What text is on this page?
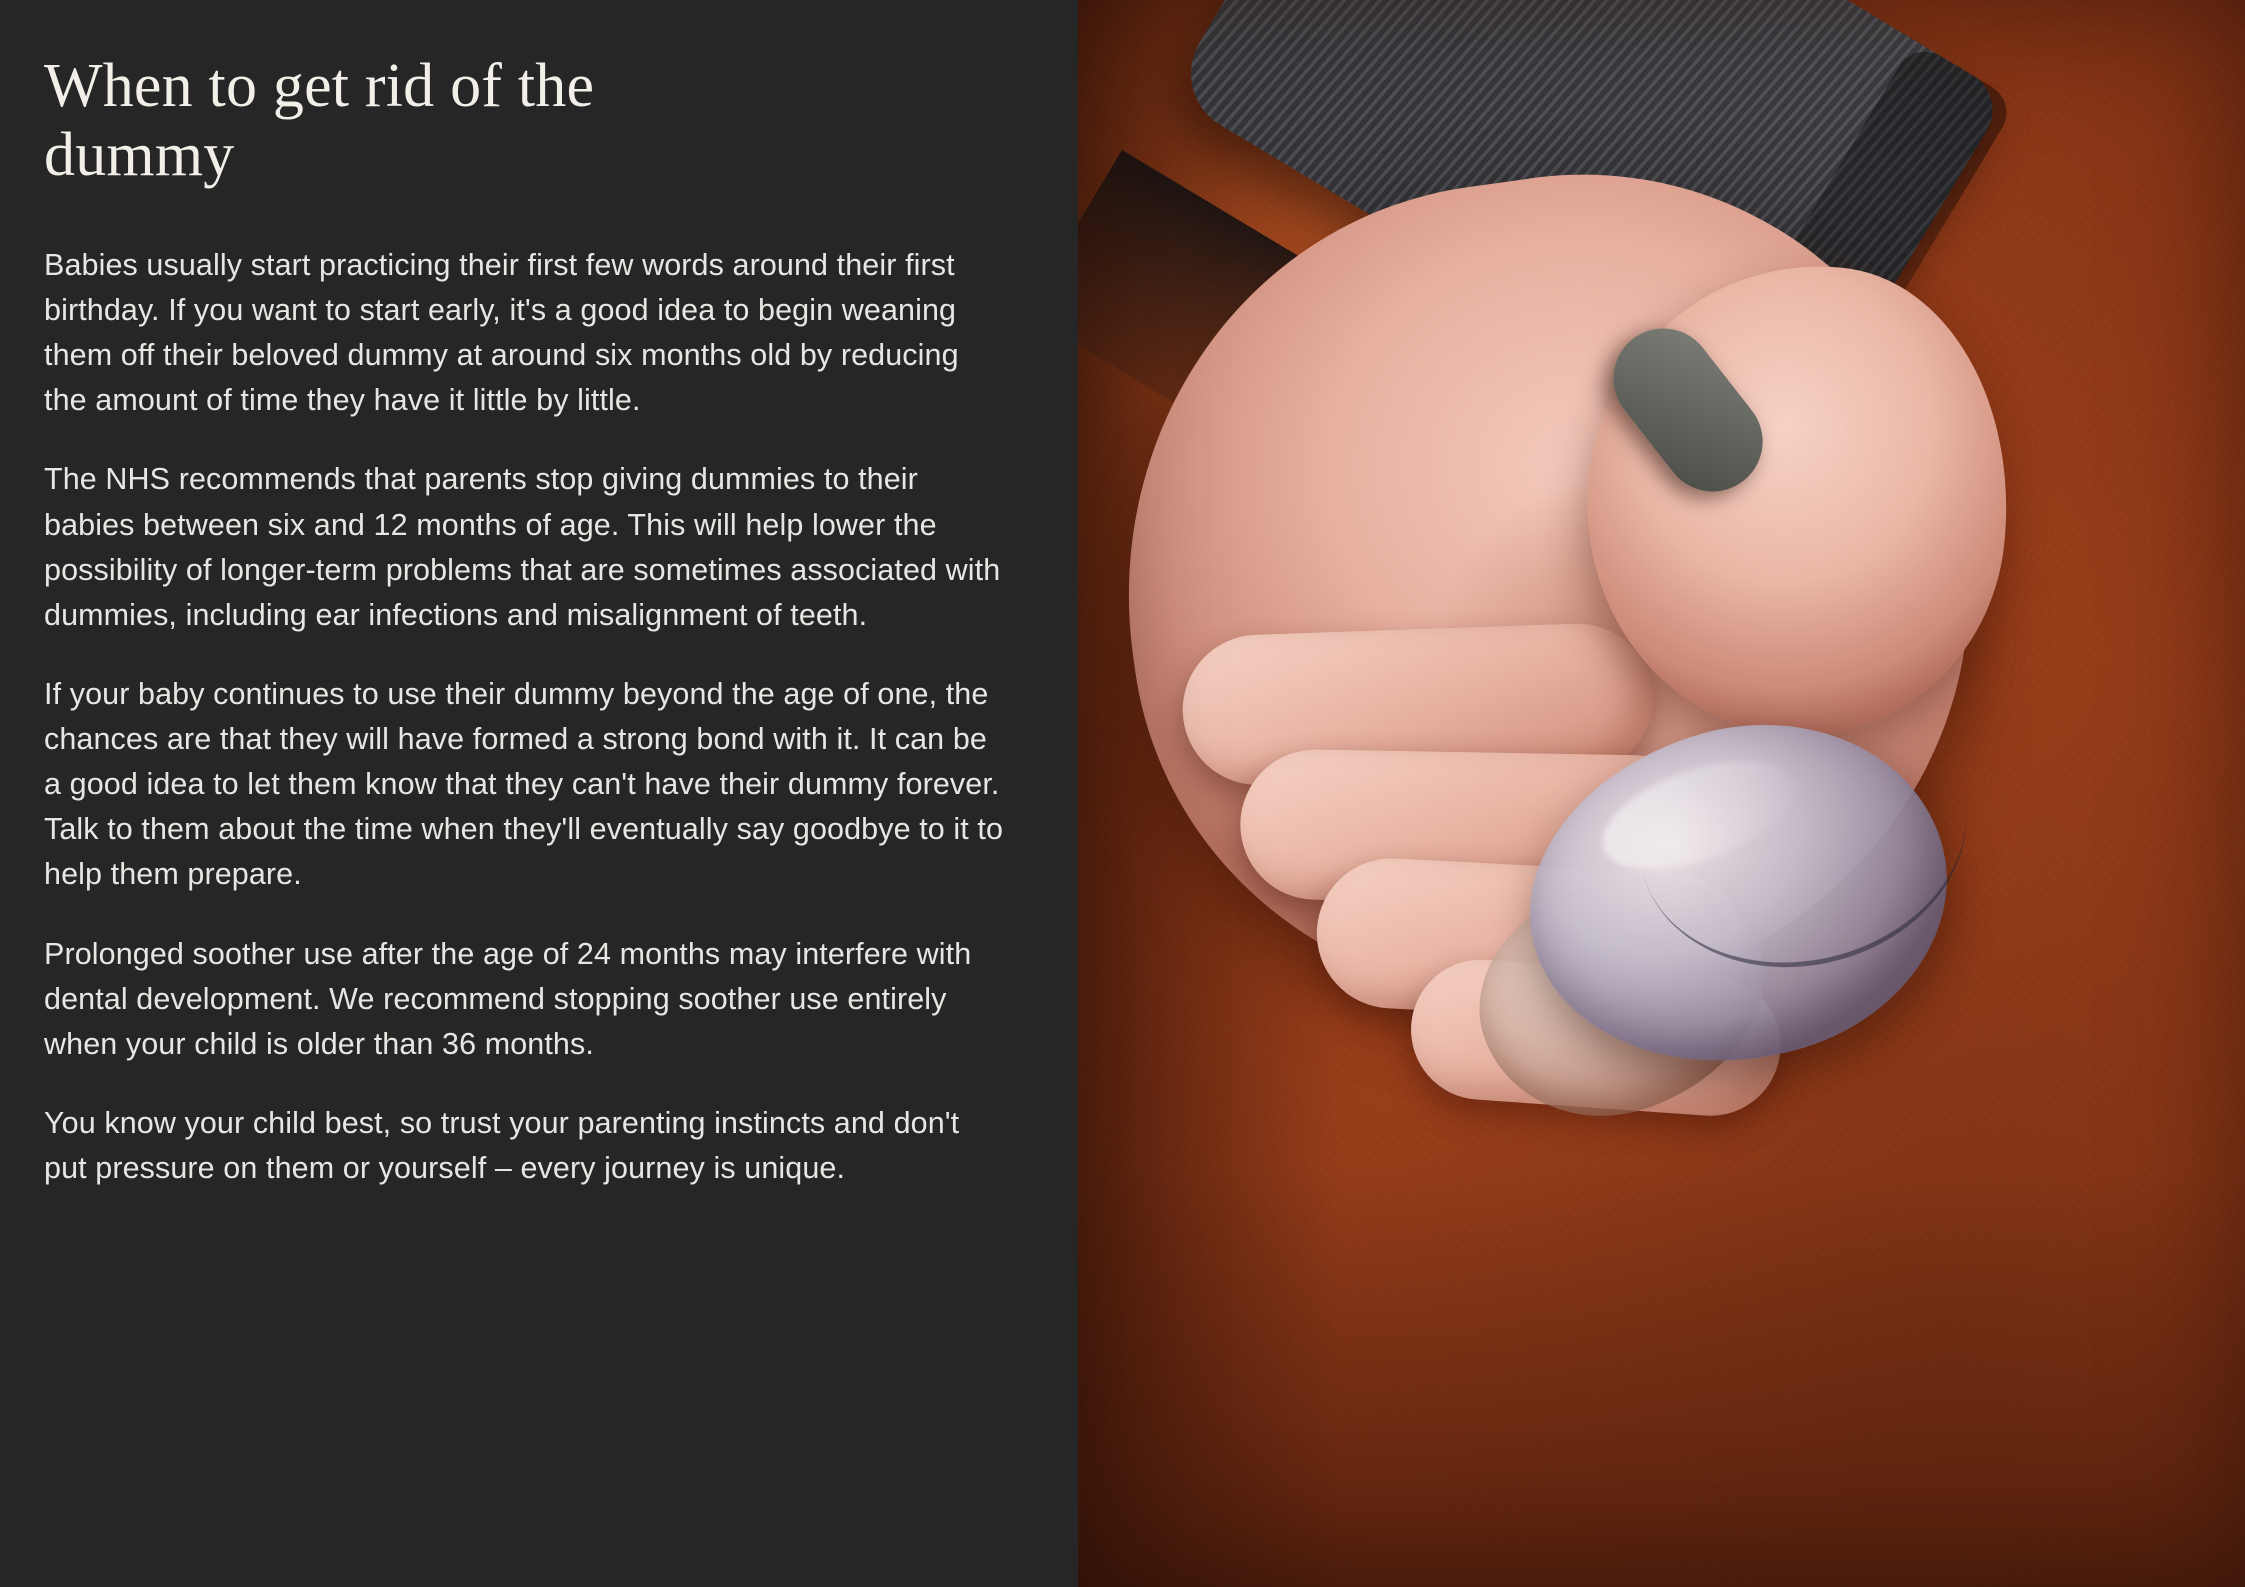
When to get rid of the dummy

Babies usually start practicing their first few words around their first birthday. If you want to start early, it's a good idea to begin weaning them off their beloved dummy at around six months old by reducing the amount of time they have it little by little.

The NHS recommends that parents stop giving dummies to their babies between six and 12 months of age. This will help lower the possibility of longer-term problems that are sometimes associated with dummies, including ear infections and misalignment of teeth.

If your baby continues to use their dummy beyond the age of one, the chances are that they will have formed a strong bond with it. It can be a good idea to let them know that they can't have their dummy forever. Talk to them about the time when they'll eventually say goodbye to it to help them prepare.

Prolonged soother use after the age of 24 months may interfere with dental development. We recommend stopping soother use entirely when your child is older than 36 months.

You know your child best, so trust your parenting instincts and don't put pressure on them or yourself – every journey is unique.
